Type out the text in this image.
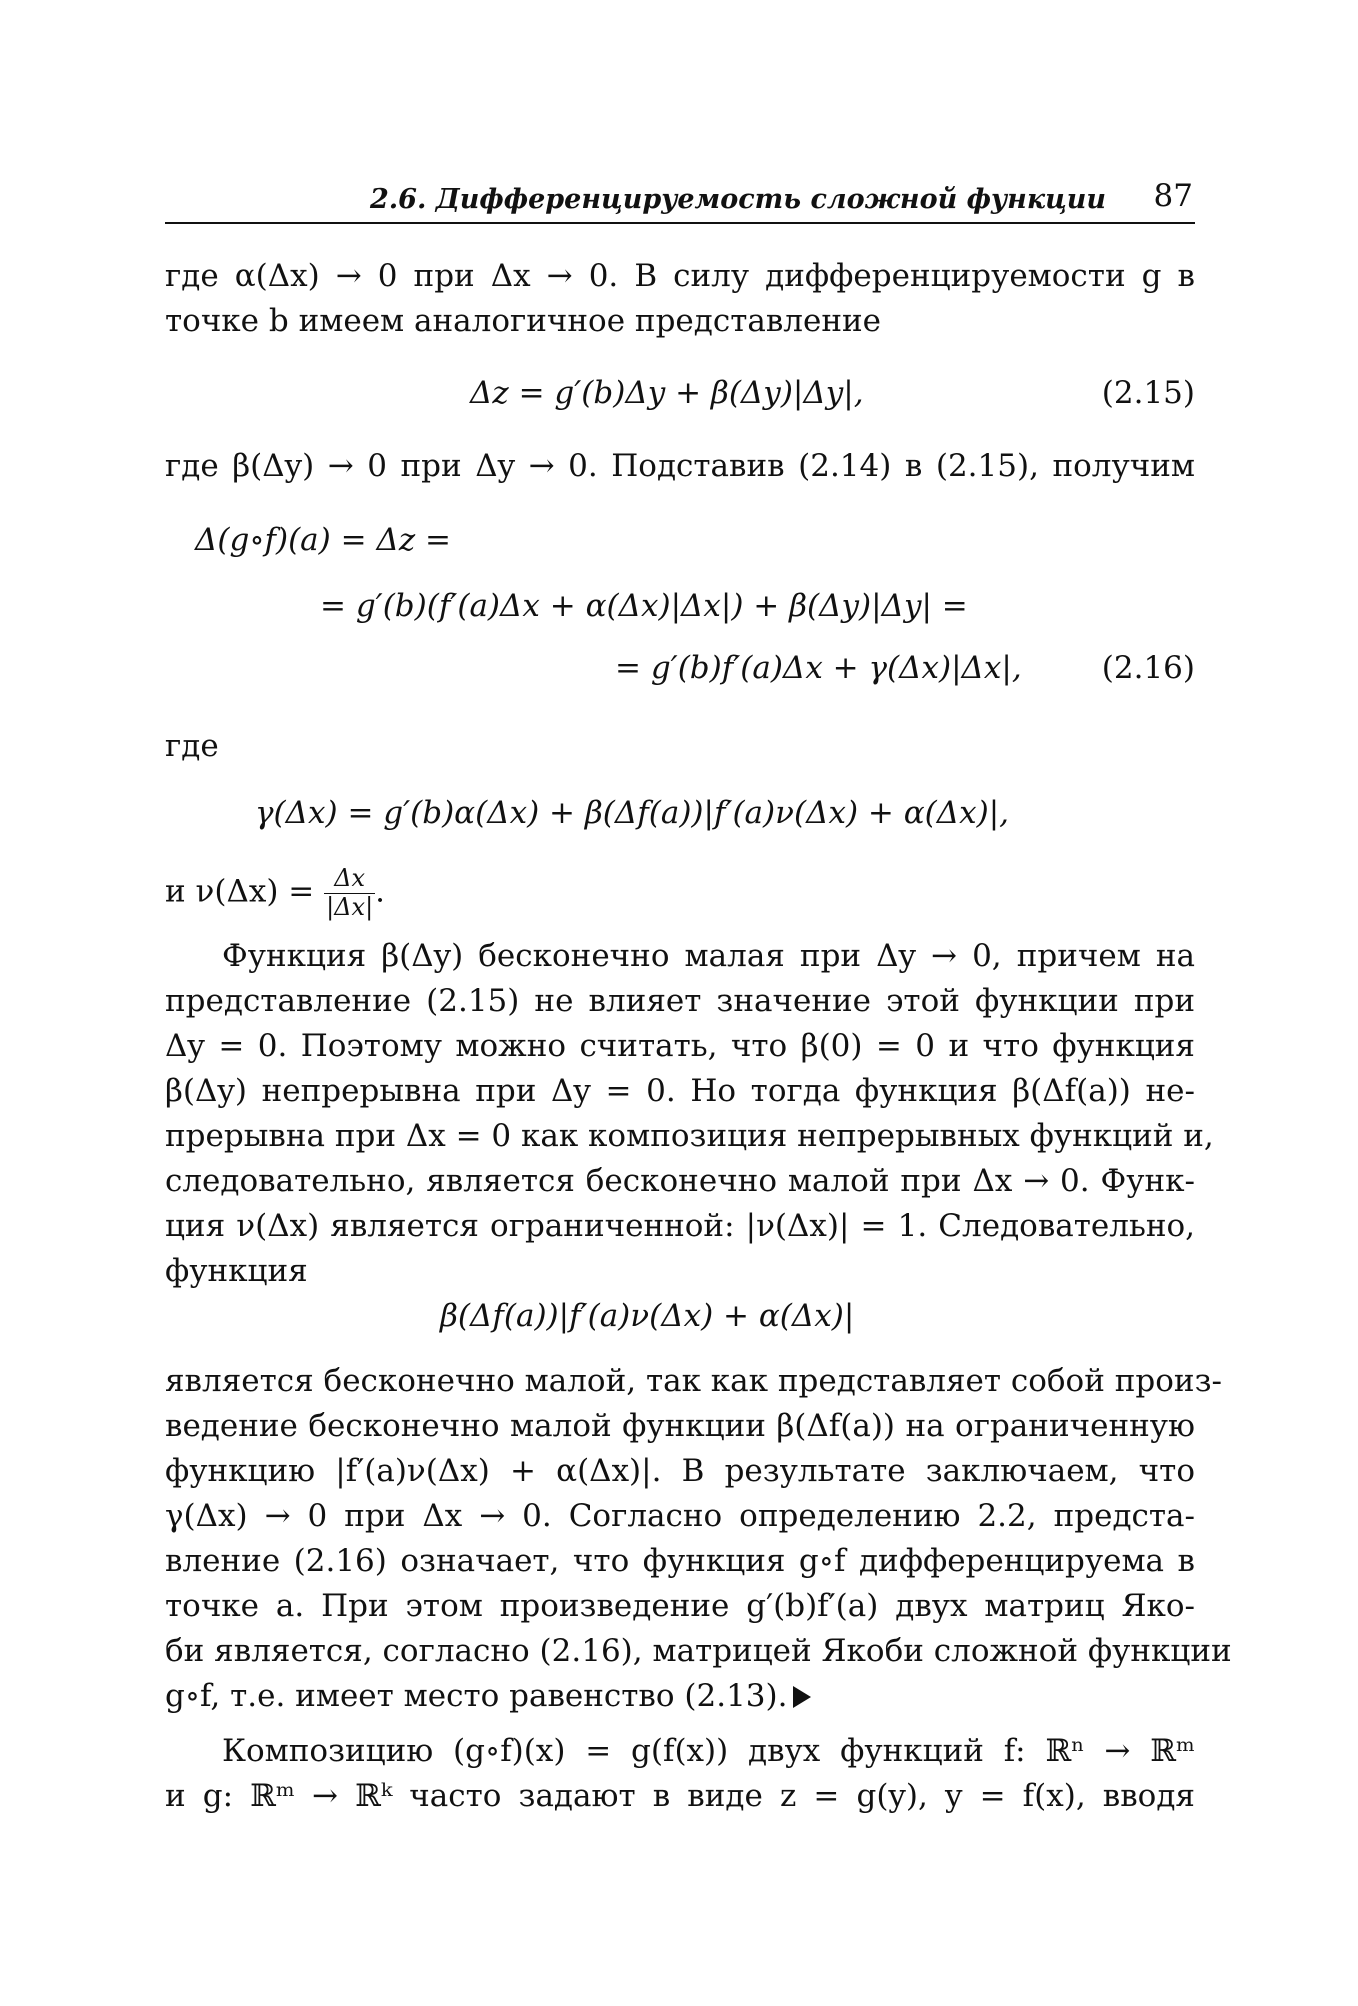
2.6. Дифференцируемость сложной функции 87
где α(Δx) → 0 при Δx → 0. В силу дифференцируемости g в
точке b имеем аналогичное представление
Δz = g′(b)Δy + β(Δy)|Δy|,	(2.15)
где β(Δy) → 0 при Δy → 0. Подставив (2.14) в (2.15), получим
Δ(g∘f)(a) = Δz =
= g′(b)(f′(a)Δx + α(Δx)|Δx|) + β(Δy)|Δy| =
= g′(b)f′(a)Δx + γ(Δx)|Δx|,	(2.16)
где
γ(Δx) = g′(b)α(Δx) + β(Δf(a))|f′(a)ν(Δx) + α(Δx)|,
и $\nu(\Delta x) = \frac{\Delta x}{|\Delta x|}$ .
Функция β(Δy) бесконечно малая при Δy → 0, причем на
представление (2.15) не влияет значение этой функции при
Δy = 0. Поэтому можно считать, что β(0) = 0 и что функция
β(Δy) непрерывна при Δy = 0. Но тогда функция β(Δf(a)) не-
прерывна при Δx = 0 как композиция непрерывных функций и,
следовательно, является бесконечно малой при Δx → 0. Функ-
ция ν(Δx) является ограниченной: |ν(Δx)| = 1. Следовательно,
функция
β(Δf(a))|f′(a)ν(Δx) + α(Δx)|
является бесконечно малой, так как представляет собой произ-
ведение бесконечно малой функции β(Δf(a)) на ограниченную
функцию |f′(a)ν(Δx) + α(Δx)|. В результате заключаем, что
γ(Δx) → 0 при Δx → 0. Согласно определению 2.2, предста-
вление (2.16) означает, что функция g∘f дифференцируема в
точке a. При этом произведение g′(b)f′(a) двух матриц Яко-
би является, согласно (2.16), матрицей Якоби сложной функции
g∘f, т.е. имеет место равенство (2.13).
Композицию (g∘f)(x) = g(f(x)) двух функций f: ℝⁿ → ℝᵐ
и g: ℝᵐ → ℝᵏ часто задают в виде z = g(y), y = f(x), вводя
